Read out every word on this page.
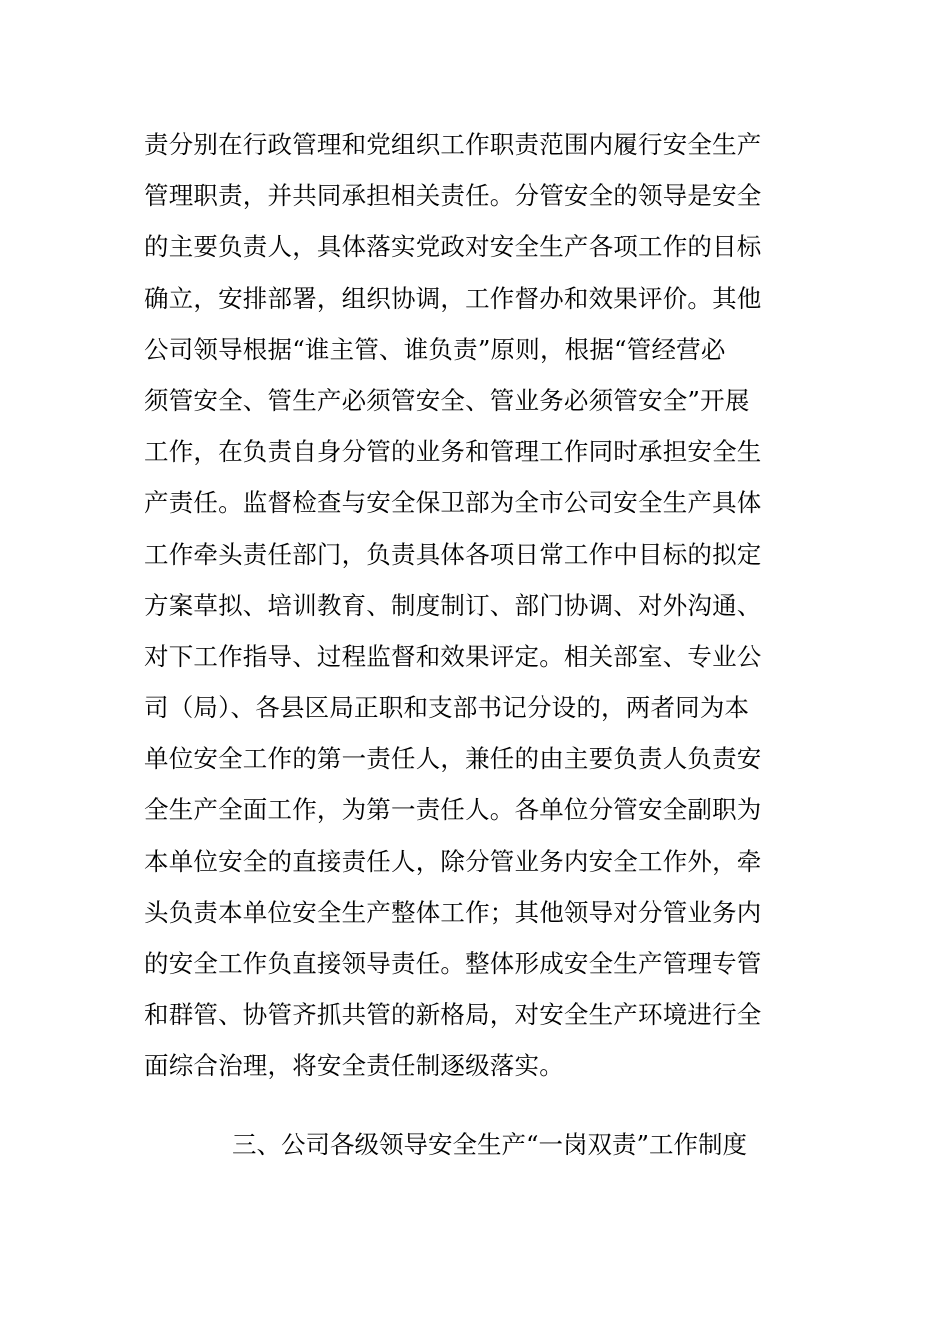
责分别在行政管理和党组织工作职责范围内履行安全生产
管理职责，并共同承担相关责任。分管安全的领导是安全
的主要负责人，具体落实党政对安全生产各项工作的目标
确立，安排部署，组织协调，工作督办和效果评价。其他
公司领导根据“谁主管、谁负责”原则，根据“管经营必
须管安全、管生产必须管安全、管业务必须管安全”开展
工作，在负责自身分管的业务和管理工作同时承担安全生
产责任。监督检查与安全保卫部为全市公司安全生产具体
工作牵头责任部门，负责具体各项日常工作中目标的拟定
方案草拟、培训教育、制度制订、部门协调、对外沟通、
对下工作指导、过程监督和效果评定。相关部室、专业公
司（局）、各县区局正职和支部书记分设的，两者同为本
单位安全工作的第一责任人，兼任的由主要负责人负责安
全生产全面工作，为第一责任人。各单位分管安全副职为
本单位安全的直接责任人，除分管业务内安全工作外，牵
头负责本单位安全生产整体工作；其他领导对分管业务内
的安全工作负直接领导责任。整体形成安全生产管理专管
和群管、协管齐抓共管的新格局，对安全生产环境进行全
面综合治理，将安全责任制逐级落实。
三、公司各级领导安全生产“一岗双责”工作制度
